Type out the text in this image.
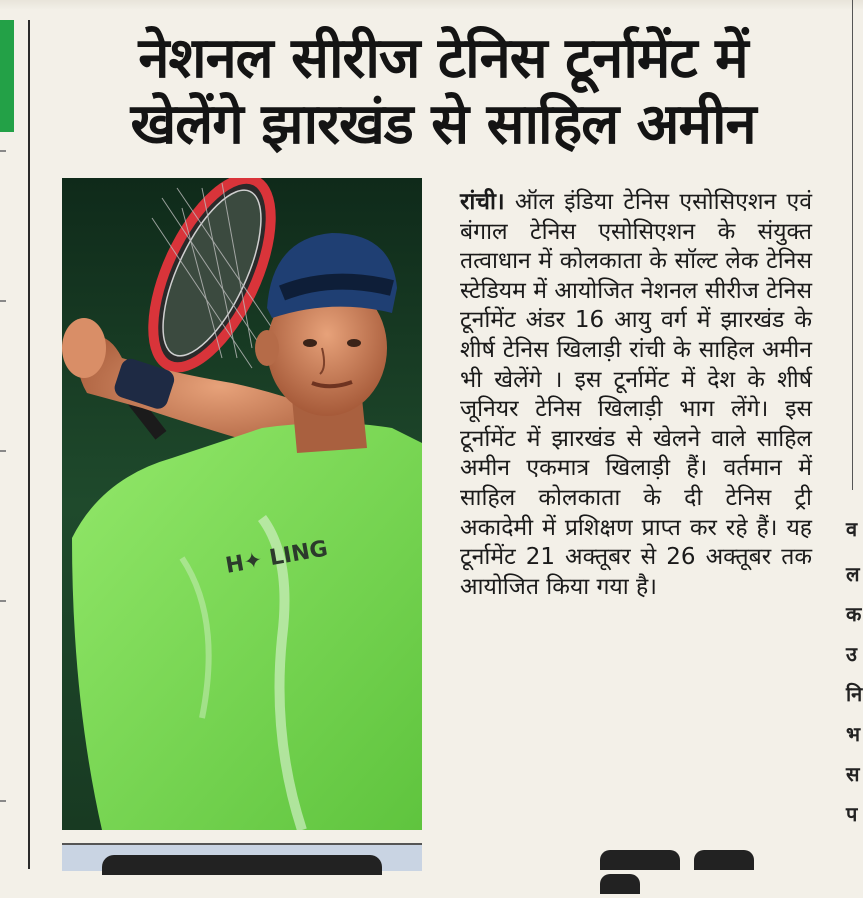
व
ल
क
उ
नि
भ
स
प
नेशनल सीरीज टेनिस टूर्नामेंट में
खेलेंगे झारखंड से साहिल अमीन
H✦ LING
रांची। ऑल इंडिया टेनिस एसोसिएशन एवं बंगाल टेनिस एसोसिएशन के संयुक्त तत्वाधान में कोलकाता के सॉल्ट लेक टेनिस स्टेडियम में आयोजित नेशनल सीरीज टेनिस टूर्नामेंट अंडर 16 आयु वर्ग में झारखंड के शीर्ष टेनिस खिलाड़ी रांची के साहिल अमीन भी खेलेंगे । इस टूर्नामेंट में देश के शीर्ष जूनियर टेनिस खिलाड़ी भाग लेंगे। इस टूर्नामेंट में झारखंड से खेलने वाले साहिल अमीन एकमात्र खिलाड़ी हैं। वर्तमान में साहिल कोलकाता के दी टेनिस ट्री अकादेमी में प्रशिक्षण प्राप्त कर रहे हैं। यह टूर्नामेंट 21 अक्तूबर से 26 अक्तूबर तक आयोजित किया गया है।
